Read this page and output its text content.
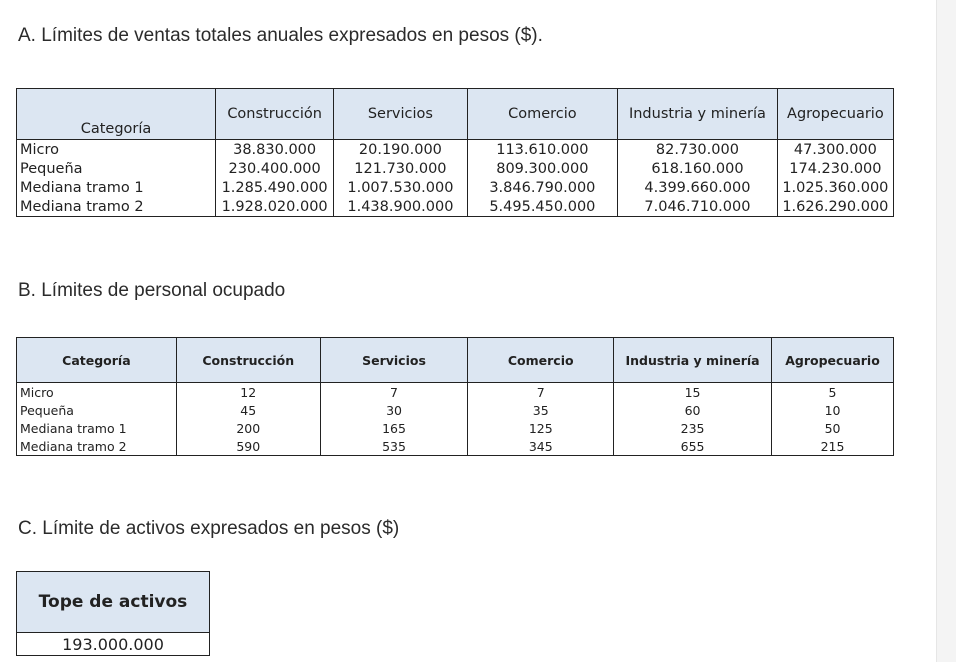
A. Límites de ventas totales anuales expresados en pesos ($).
Categoría	Construcción	Servicios	Comercio	Industria y minería	Agropecuario
Micro	38.830.000	20.190.000	113.610.000	82.730.000	47.300.000
Pequeña	230.400.000	121.730.000	809.300.000	618.160.000	174.230.000
Mediana tramo 1	1.285.490.000	1.007.530.000	3.846.790.000	4.399.660.000	1.025.360.000
Mediana tramo 2	1.928.020.000	1.438.900.000	5.495.450.000	7.046.710.000	1.626.290.000
B. Límites de personal ocupado
Categoría	Construcción	Servicios	Comercio	Industria y minería	Agropecuario
Micro	12	7	7	15	5
Pequeña	45	30	35	60	10
Mediana tramo 1	200	165	125	235	50
Mediana tramo 2	590	535	345	655	215
C. Límite de activos expresados en pesos ($)
Tope de activos
193.000.000
